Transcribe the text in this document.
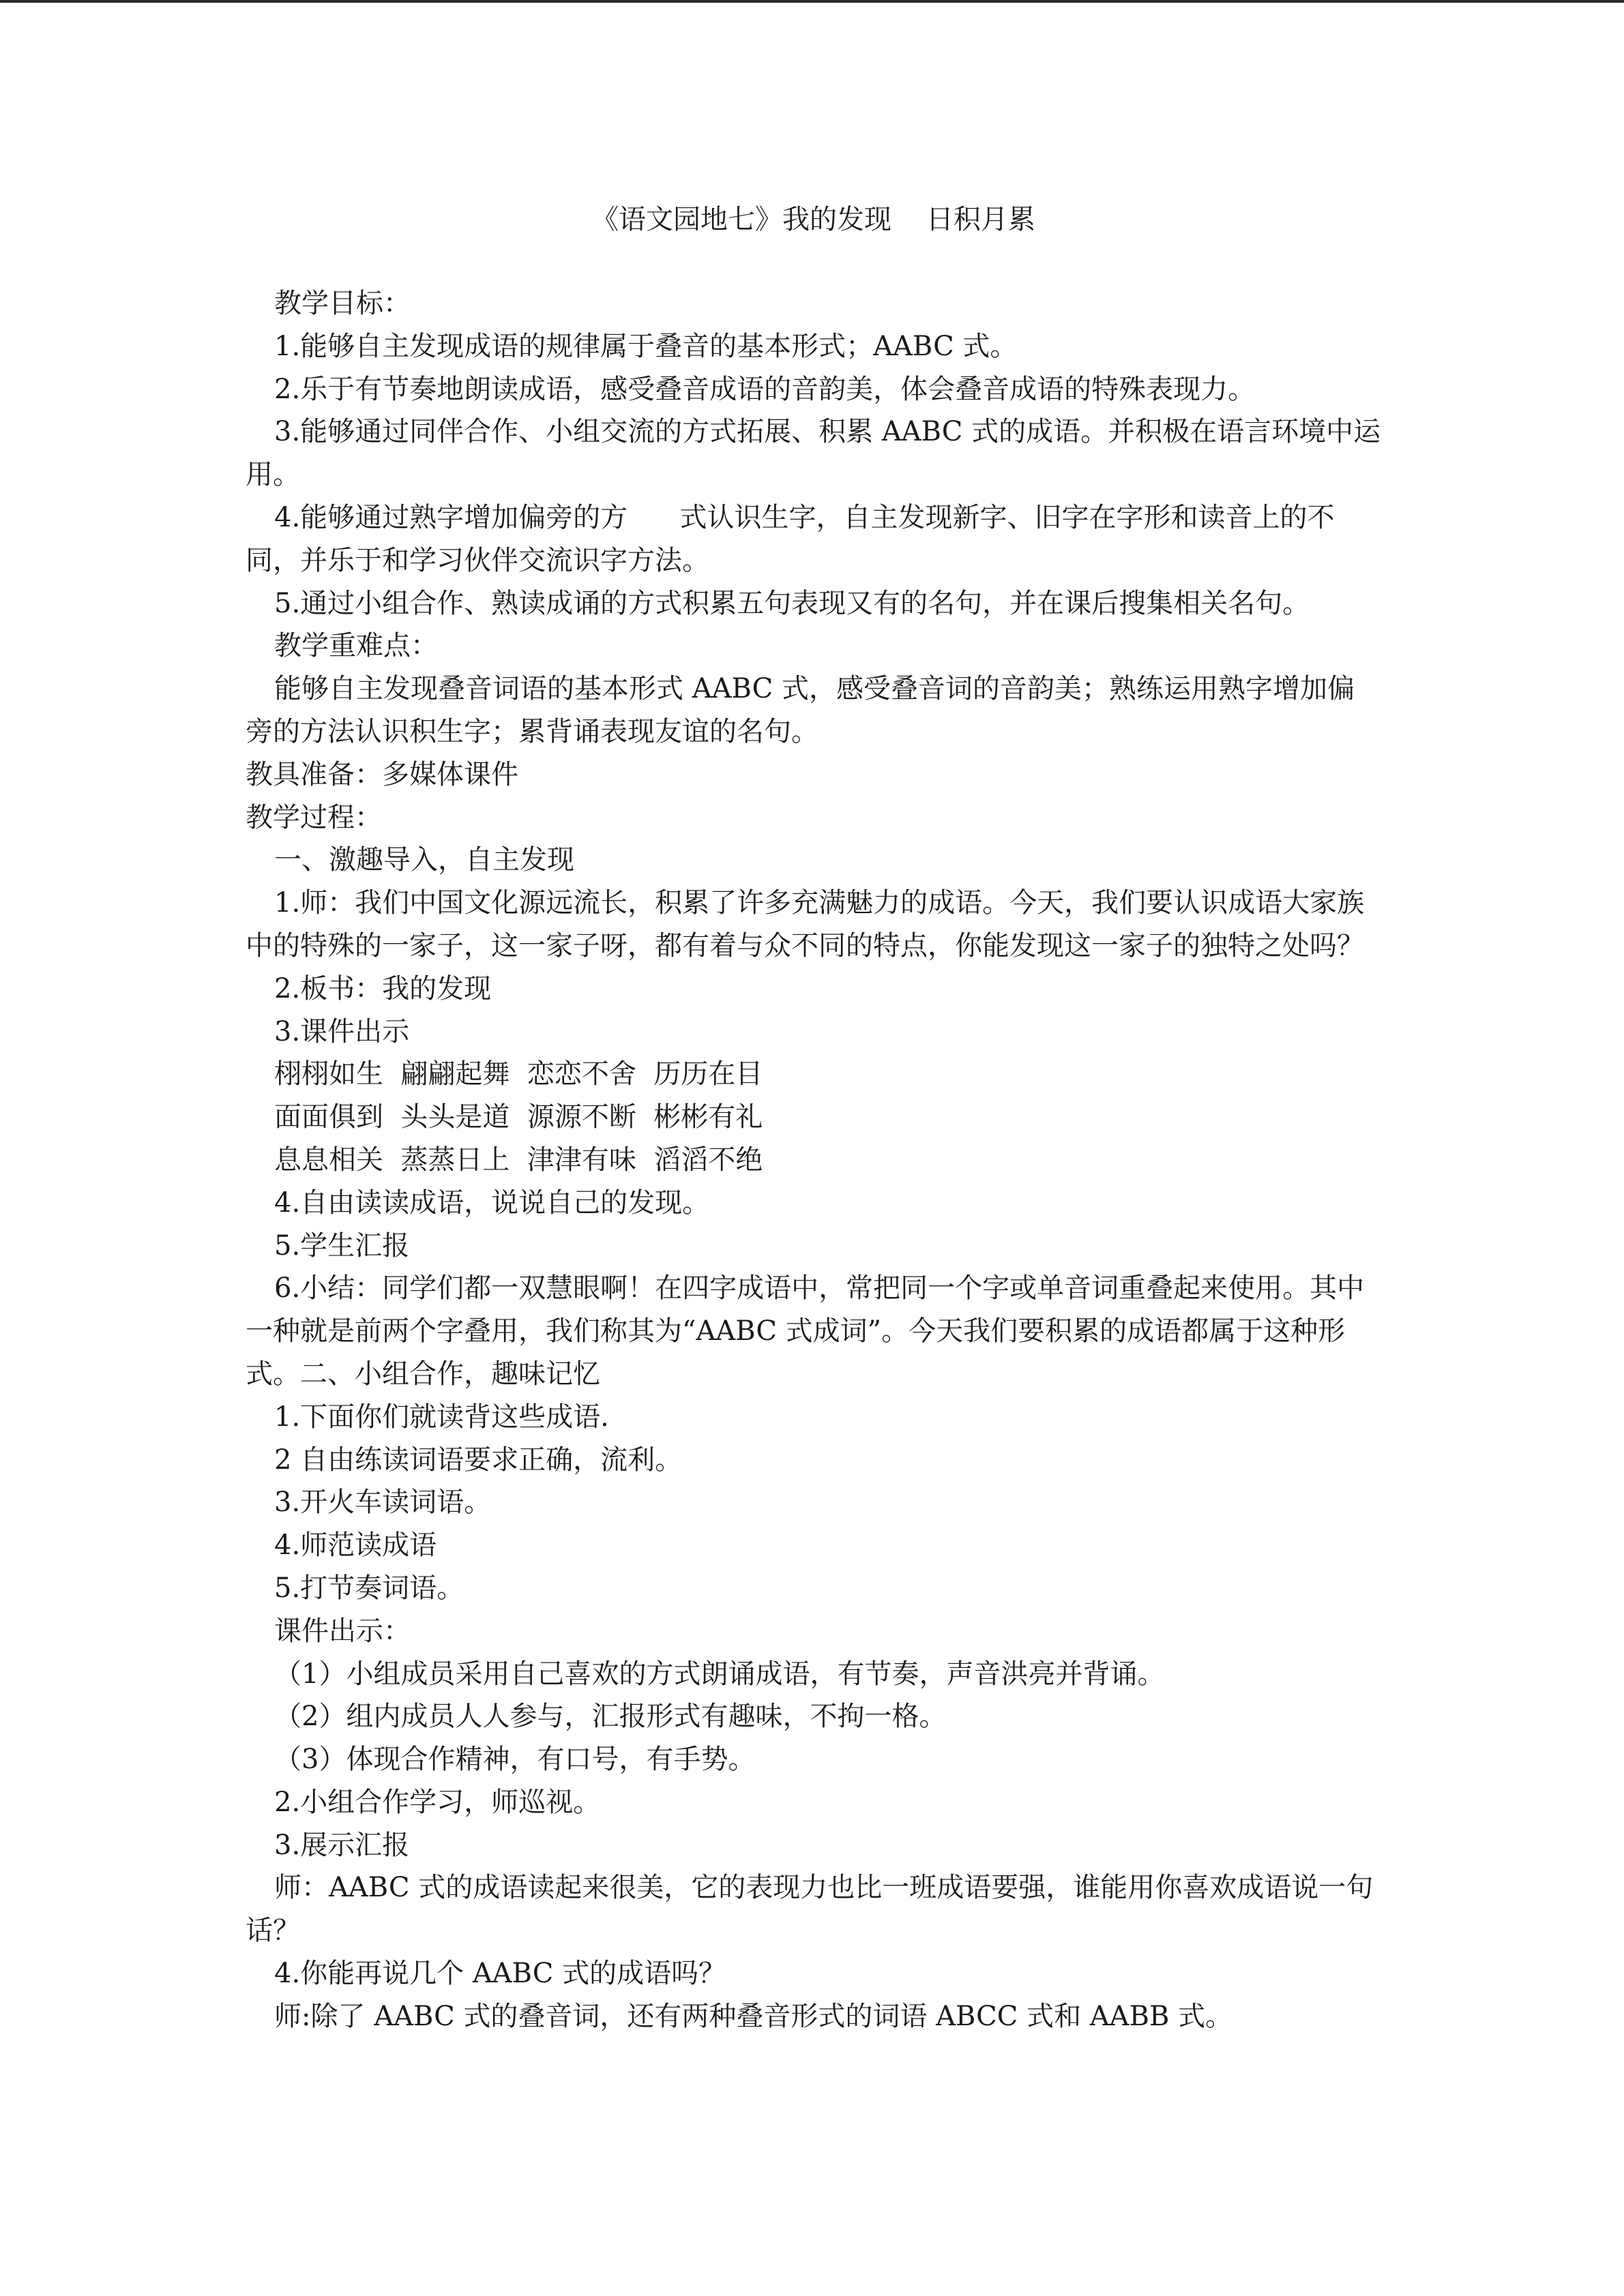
《语文园地七》我的发现    日积月累

教学目标：

1.能够自主发现成语的规律属于叠音的基本形式；AABC 式。

2.乐于有节奏地朗读成语，感受叠音成语的音韵美，体会叠音成语的特殊表现力。

3.能够通过同伴合作、小组交流的方式拓展、积累 AABC 式的成语。并积极在语言环境中运用。

4.能够通过熟字增加偏旁的方      式认识生字，自主发现新字、旧字在字形和读音上的不同，并乐于和学习伙伴交流识字方法。

5.通过小组合作、熟读成诵的方式积累五句表现又有的名句，并在课后搜集相关名句。

教学重难点：

能够自主发现叠音词语的基本形式 AABC 式，感受叠音词的音韵美；熟练运用熟字增加偏旁的方法认识积生字；累背诵表现友谊的名句。

教具准备：多媒体课件

教学过程：

一、激趣导入，自主发现

1.师：我们中国文化源远流长，积累了许多充满魅力的成语。今天，我们要认识成语大家族中的特殊的一家子，这一家子呀，都有着与众不同的特点，你能发现这一家子的独特之处吗？

2.板书：我的发现

3.课件出示

栩栩如生  翩翩起舞  恋恋不舍  历历在目

面面俱到  头头是道  源源不断  彬彬有礼

息息相关  蒸蒸日上  津津有味  滔滔不绝

4.自由读读成语，说说自己的发现。

5.学生汇报

6.小结：同学们都一双慧眼啊！在四字成语中，常把同一个字或单音词重叠起来使用。其中一种就是前两个字叠用，我们称其为“AABC 式成词”。今天我们要积累的成语都属于这种形式。二、小组合作，趣味记忆

1.下面你们就读背这些成语.

2 自由练读词语要求正确，流利。

3.开火车读词语。

4.师范读成语

5.打节奏词语。

课件出示：

（1）小组成员采用自己喜欢的方式朗诵成语，有节奏，声音洪亮并背诵。

（2）组内成员人人参与，汇报形式有趣味，不拘一格。

（3）体现合作精神，有口号，有手势。

2.小组合作学习，师巡视。

3.展示汇报

师：AABC 式的成语读起来很美，它的表现力也比一班成语要强，谁能用你喜欢成语说一句话？

4.你能再说几个 AABC 式的成语吗？

师:除了 AABC 式的叠音词，还有两种叠音形式的词语 ABCC 式和 AABB 式。
